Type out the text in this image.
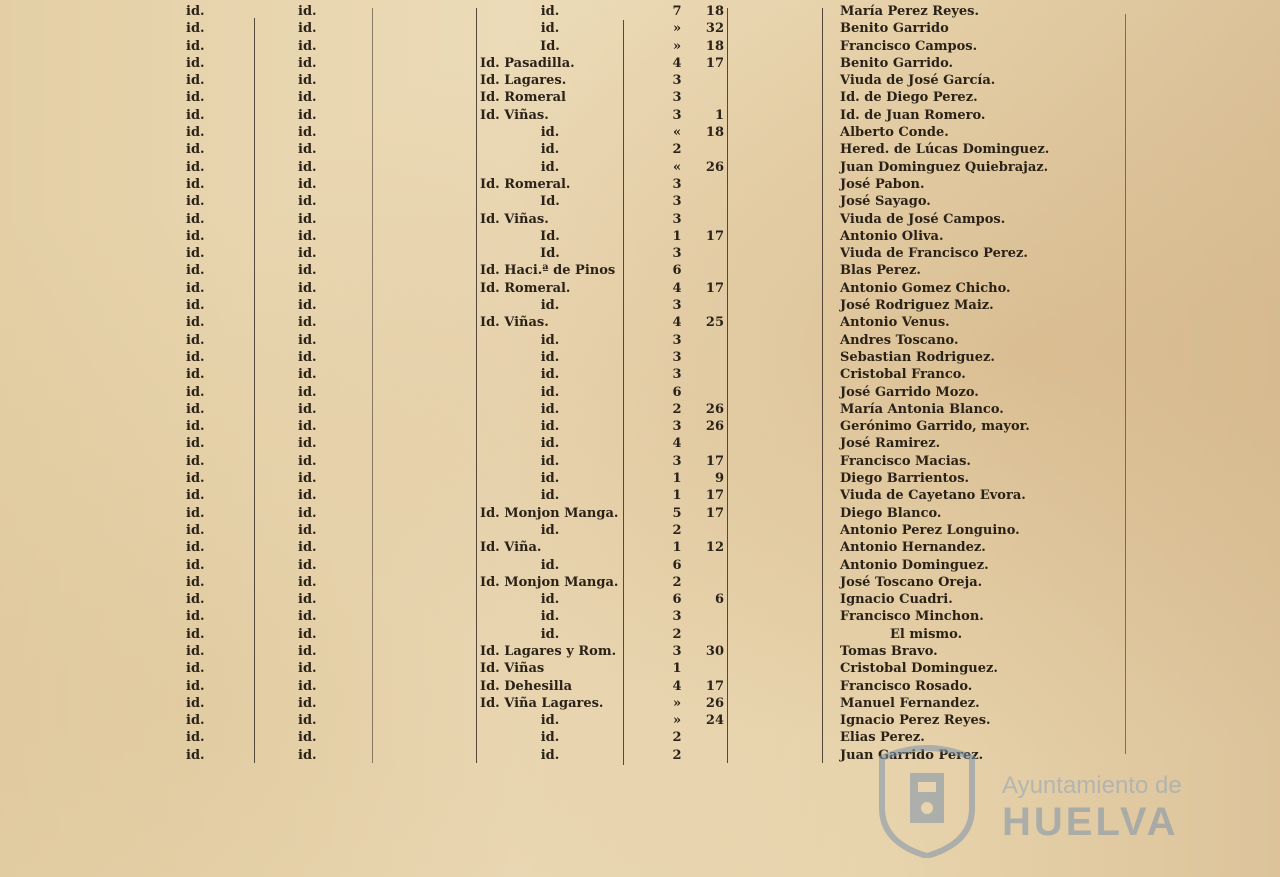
id.	id.	id.	7	18	María Perez Reyes.
id.	id.	id.	»	32	Benito Garrido
id.	id.	Id.	»	18	Francisco Campos.
id.	id.	Id. Pasadilla.	4	17	Benito Garrido.
id.	id.	Id. Lagares.	3	Viuda de José García.
id.	id.	Id. Romeral	3	Id. de Diego Perez.
id.	id.	Id. Viñas.	3	1	Id. de Juan Romero.
id.	id.	id.	«	18	Alberto Conde.
id.	id.	id.	2	Hered. de Lúcas Dominguez.
id.	id.	id.	«	26	Juan Dominguez Quiebrajaz.
id.	id.	Id. Romeral.	3	José Pabon.
id.	id.	Id.	3	José Sayago.
id.	id.	Id. Viñas.	3	Viuda de José Campos.
id.	id.	Id.	1	17	Antonio Oliva.
id.	id.	Id.	3	Viuda de Francisco Perez.
id.	id.	Id. Haci.ª de Pinos	6	Blas Perez.
id.	id.	Id. Romeral.	4	17	Antonio Gomez Chicho.
id.	id.	id.	3	José Rodriguez Maiz.
id.	id.	Id. Viñas.	4	25	Antonio Venus.
id.	id.	id.	3	Andres Toscano.
id.	id.	id.	3	Sebastian Rodriguez.
id.	id.	id.	3	Cristobal Franco.
id.	id.	id.	6	José Garrido Mozo.
id.	id.	id.	2	26	María Antonia Blanco.
id.	id.	id.	3	26	Gerónimo Garrido, mayor.
id.	id.	id.	4	José Ramirez.
id.	id.	id.	3	17	Francisco Macias.
id.	id.	id.	1	9	Diego Barrientos.
id.	id.	id.	1	17	Viuda de Cayetano Evora.
id.	id.	Id. Monjon Manga.	5	17	Diego Blanco.
id.	id.	id.	2	Antonio Perez Longuino.
id.	id.	Id. Viña.	1	12	Antonio Hernandez.
id.	id.	id.	6	Antonio Dominguez.
id.	id.	Id. Monjon Manga.	2	José Toscano Oreja.
id.	id.	id.	6	6	Ignacio Cuadri.
id.	id.	id.	3	Francisco Minchon.
id.	id.	id.	2	El mismo.
id.	id.	Id. Lagares y Rom.	3	30	Tomas Bravo.
id.	id.	Id. Viñas	1	Cristobal Dominguez.
id.	id.	Id. Dehesilla	4	17	Francisco Rosado.
id.	id.	Id. Viña Lagares.	»	26	Manuel Fernandez.
id.	id.	id.	»	24	Ignacio Perez Reyes.
id.	id.	id.	2	Elias Perez.
id.	id.	id.	2	Juan Garrido Perez.
Ayuntamiento de
HUELVA
